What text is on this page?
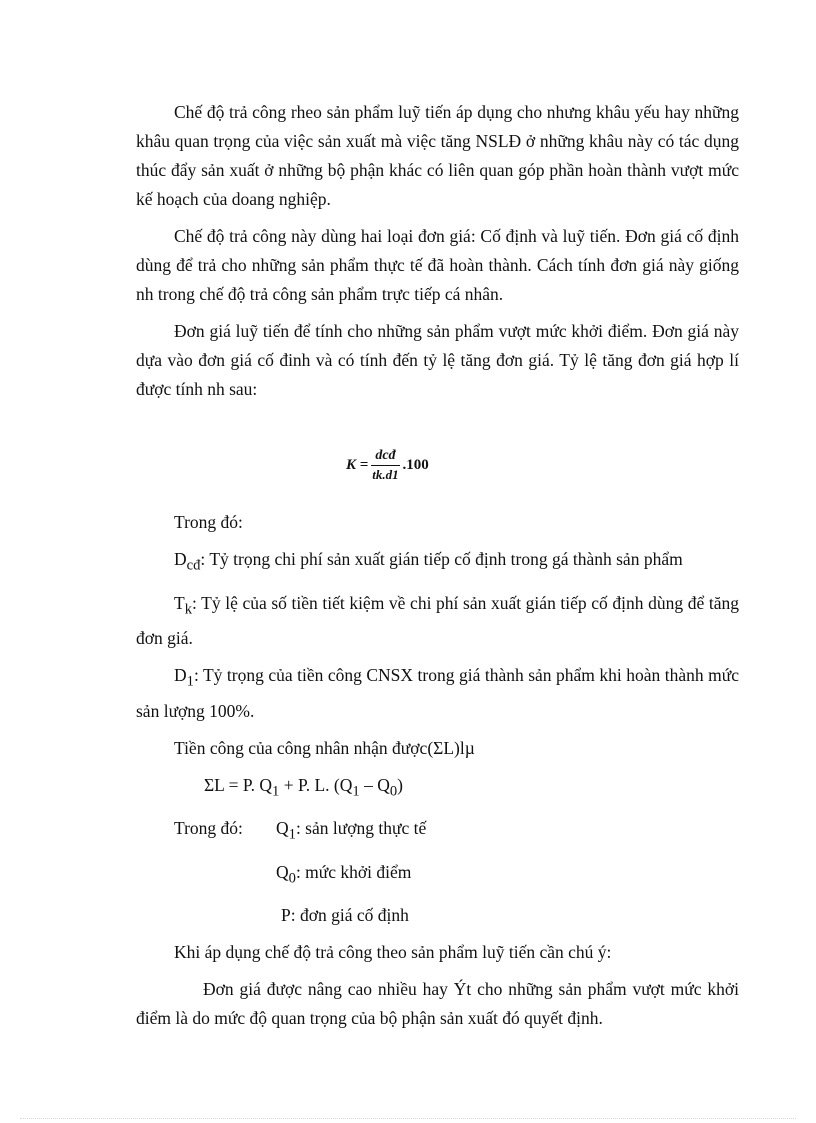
Chế độ trả công rheo sản phẩm luỹ tiến áp dụng cho nhưng khâu yếu hay những khâu quan trọng của việc sản xuất mà việc tăng NSLĐ ở những khâu này có tác dụng thúc đẩy sản xuất ở những bộ phận khác có liên quan góp phần hoàn thành vượt mức kế hoạch của doang nghiệp.

Chế độ trả công này dùng hai loại đơn giá: Cố định và luỹ tiến. Đơn giá cố định dùng để trả cho những sản phẩm thực tế đã hoàn thành. Cách tính đơn giá này giống nh trong chế độ trả công sản phẩm trực tiếp cá nhân.

Đơn giá luỹ tiến để tính cho những sản phẩm vượt mức khởi điểm. Đơn giá này dựa vào đơn giá cố đinh và có tính đến tỷ lệ tăng đơn giá. Tỷ lệ tăng đơn giá hợp lí được tính nh sau:

Trong đó:

$D_{cđ}$: Tỷ trọng chi phí sản xuất gián tiếp cố định trong gá thành sản phẩm

$T_k$: Tỷ lệ của số tiền tiết kiệm về chi phí sản xuất gián tiếp cố định dùng để tăng đơn giá.

$D_1$: Tỷ trọng của tiền công CNSX trong giá thành sản phẩm khi hoàn thành mức sản lượng 100%.

Tiền công của công nhân nhận được(ΣL)lµ

ΣL = P. $Q_1 + P$. L. $(Q_1 - Q_0)$

Trong đó:	$Q_1$: sản lượng thực tế

$Q_0$: mức khởi điểm

P: đơn giá cố định

Khi áp dụng chế độ trả công theo sản phẩm luỹ tiến cần chú ý:

Đơn giá được nâng cao nhiều hay Ýt cho những sản phẩm vượt mức khởi điểm là do mức độ quan trọng của bộ phận sản xuất đó quyết định.

$K = \frac{\text{dcđ}}{tk.d1} .100$
